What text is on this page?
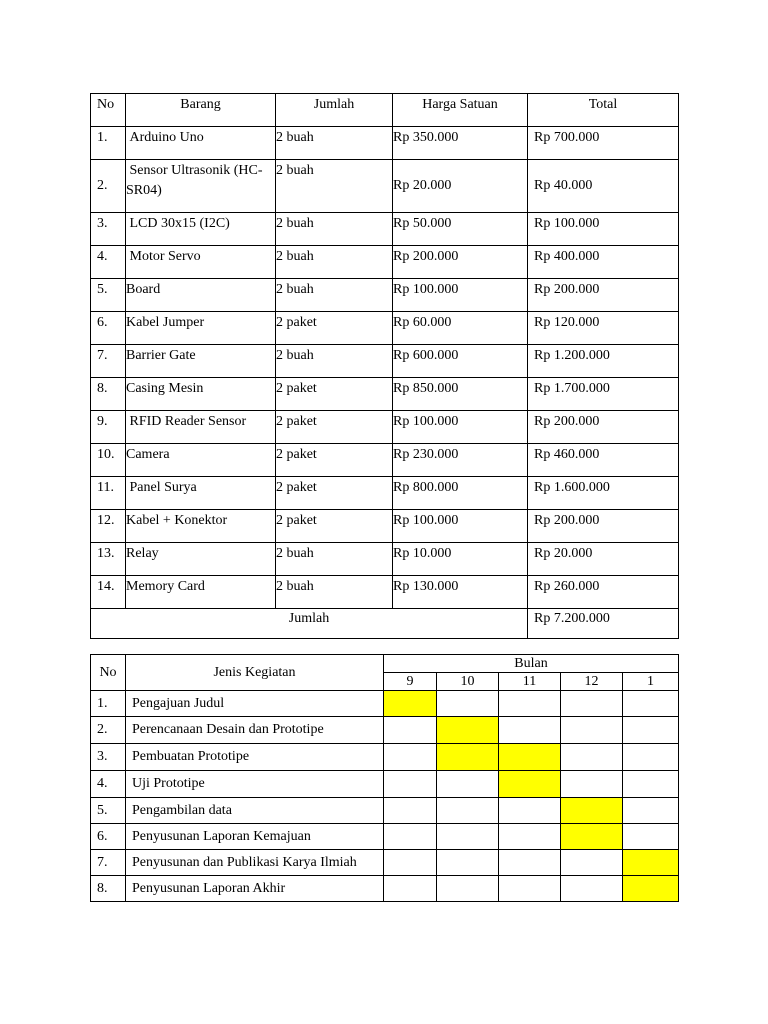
No	Barang	Jumlah	Harga Satuan	Total
1.	Arduino Uno	2 buah	Rp 350.000	Rp 700.000
2.	Sensor Ultrasonik (HC-SR04)	2 buah	Rp 20.000	Rp 40.000
3.	LCD 30x15 (I2C)	2 buah	Rp 50.000	Rp 100.000
4.	Motor Servo	2 buah	Rp 200.000	Rp 400.000
5.	Board	2 buah	Rp 100.000	Rp 200.000
6.	Kabel Jumper	2 paket	Rp 60.000	Rp 120.000
7.	Barrier Gate	2 buah	Rp 600.000	Rp 1.200.000
8.	Casing Mesin	2 paket	Rp 850.000	Rp 1.700.000
9.	RFID Reader Sensor	2 paket	Rp 100.000	Rp 200.000
10.	Camera	2 paket	Rp 230.000	Rp 460.000
11.	Panel Surya	2 paket	Rp 800.000	Rp 1.600.000
12.	Kabel + Konektor	2 paket	Rp 100.000	Rp 200.000
13.	Relay	2 buah	Rp 10.000	Rp 20.000
14.	Memory Card	2 buah	Rp 130.000	Rp 260.000
Jumlah				Rp 7.200.000
No	Jenis Kegiatan	Bulan				
		9	10	11	12	1
1.	Pengajuan Judul					
2.	Perencanaan Desain dan Prototipe					
3.	Pembuatan Prototipe					
4.	Uji Prototipe					
5.	Pengambilan data					
6.	Penyusunan Laporan Kemajuan					
7.	Penyusunan dan Publikasi Karya Ilmiah					
8.	Penyusunan Laporan Akhir					
